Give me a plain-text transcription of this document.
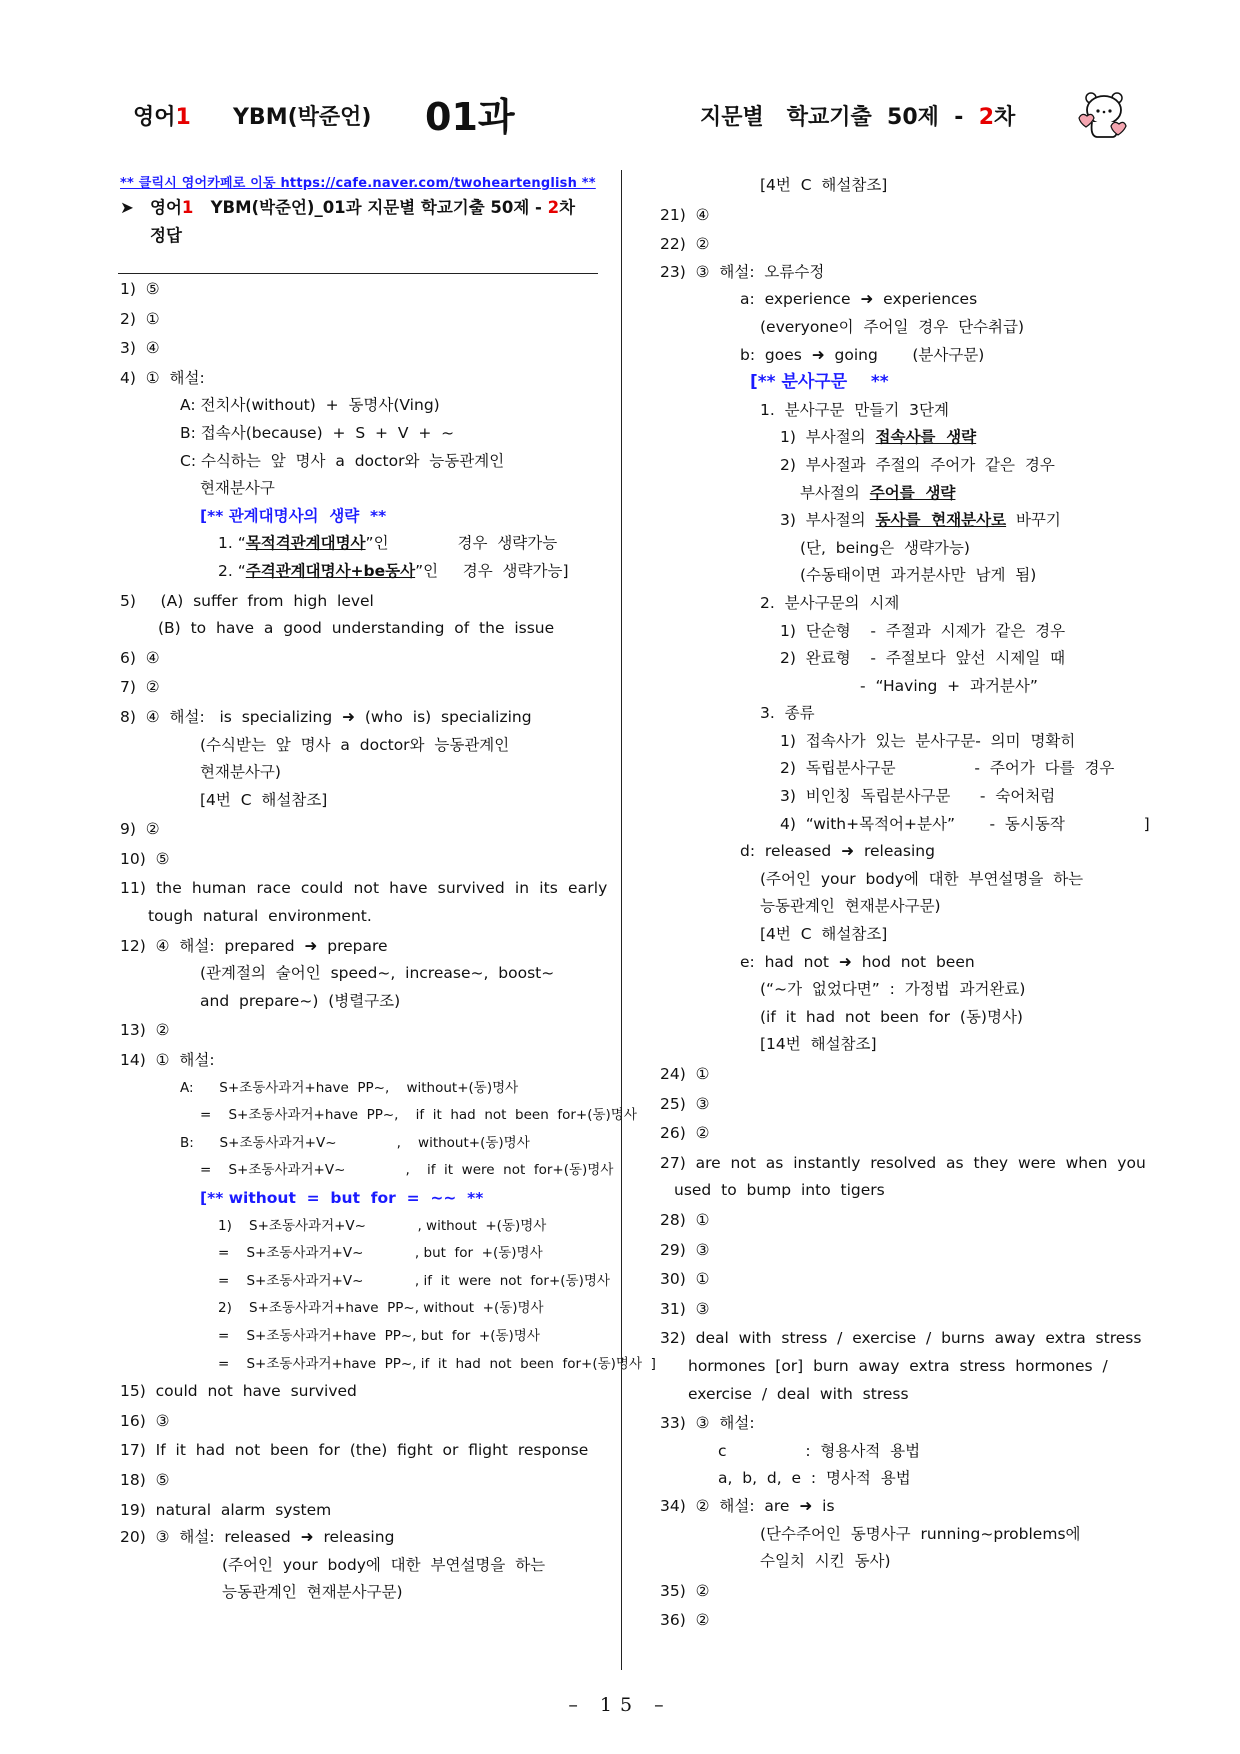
영어1 YBM(박준언) 01과	지문별   학교기출  50제  -  2차
** 클릭시 영어카페로 이동 https://cafe.naver.com/twoheartenglish **
➤ 영어1   YBM(박준언)_01과 지문별 학교기출 50제 - 2차
정답
1)  ⑤
2)  ①
3)  ④
4)  ①  해설:
A: 전치사(without)  +  동명사(Ving)
B: 접속사(because)  +  S  +  V  +  ~
C: 수식하는  앞  명사  a  doctor와  능동관계인
현재분사구
[** 관계대명사의  생략  **
1. “목적격관계대명사”인              경우  생략가능
2. “주격관계대명사+be동사”인     경우  생략가능]
5)     (A)  suffer  from  high  level
(B)  to  have  a  good  understanding  of  the  issue
6)  ④
7)  ②
8)  ④  해설:   is  specializing  ➜  (who  is)  specializing
(수식받는  앞  명사  a  doctor와  능동관계인
현재분사구)
[4번  C  해설참조]
9)  ②
10)  ⑤
11)  the  human  race  could  not  have  survived  in  its  early
tough  natural  environment.
12)  ④  해설:  prepared  ➜  prepare
(관계절의  술어인  speed~,  increase~,  boost~
and  prepare~)  (병렬구조)
13)  ②
14)  ①  해설:
A:      S+조동사과거+have  PP~,    without+(동)명사
=    S+조동사과거+have  PP~,    if  it  had  not  been  for+(동)명사
B:      S+조동사과거+V~              ,    without+(동)명사
=    S+조동사과거+V~              ,    if  it  were  not  for+(동)명사
[** without  =  but  for  =  ~~  **
1)    S+조동사과거+V~            , without  +(동)명사
=    S+조동사과거+V~            , but  for  +(동)명사
=    S+조동사과거+V~            , if  it  were  not  for+(동)명사
2)    S+조동사과거+have  PP~, without  +(동)명사
=    S+조동사과거+have  PP~, but  for  +(동)명사
=    S+조동사과거+have  PP~, if  it  had  not  been  for+(동)명사  ]
15)  could  not  have  survived
16)  ③
17)  If  it  had  not  been  for  (the)  fight  or  flight  response
18)  ⑤
19)  natural  alarm  system
20)  ③  해설:  released  ➜  releasing
(주어인  your  body에  대한  부연설명을  하는
능동관계인  현재분사구문)
[4번  C  해설참조]
21)  ④
22)  ②
23)  ③  해설:  오류수정
a:  experience  ➜  experiences
(everyone이  주어일  경우  단수취급)
b:  goes  ➜  going       (분사구문)
[** 분사구문    **
1.  분사구문  만들기  3단계
1)  부사절의  접속사를  생략
2)  부사절과  주절의  주어가  같은  경우
부사절의  주어를  생략
3)  부사절의  동사를  현재분사로  바꾸기
(단,  being은  생략가능)
(수동태이면  과거분사만  남게  됨)
2.  분사구문의  시제
1)  단순형    -  주절과  시제가  같은  경우
2)  완료형    -  주절보다  앞선  시제일  때
-  “Having  +  과거분사”
3.  종류
1)  접속사가  있는  분사구문-  의미  명확히
2)  독립분사구문                -  주어가  다를  경우
3)  비인칭  독립분사구문      -  숙어처럼
4)  “with+목적어+분사”       -  동시동작                ]
d:  released  ➜  releasing
(주어인  your  body에  대한  부연설명을  하는
능동관계인  현재분사구문)
[4번  C  해설참조]
e:  had  not  ➜  hod  not  been
(“~가  없었다면”  :  가정법  과거완료)
(if  it  had  not  been  for  (동)명사)
[14번  해설참조]
24)  ①
25)  ③
26)  ②
27)  are  not  as  instantly  resolved  as  they  were  when  you
used  to  bump  into  tigers
28)  ①
29)  ③
30)  ①
31)  ③
32)  deal  with  stress  /  exercise  /  burns  away  extra  stress
hormones  [or]  burn  away  extra  stress  hormones  /
exercise  /  deal  with  stress
33)  ③  해설:
c                :  형용사적  용법
a,  b,  d,  e  :  명사적  용법
34)  ②  해설:  are  ➜  is
(단수주어인  동명사구  running~problems에
수일치  시킨  동사)
35)  ②
36)  ②
– 15 –
